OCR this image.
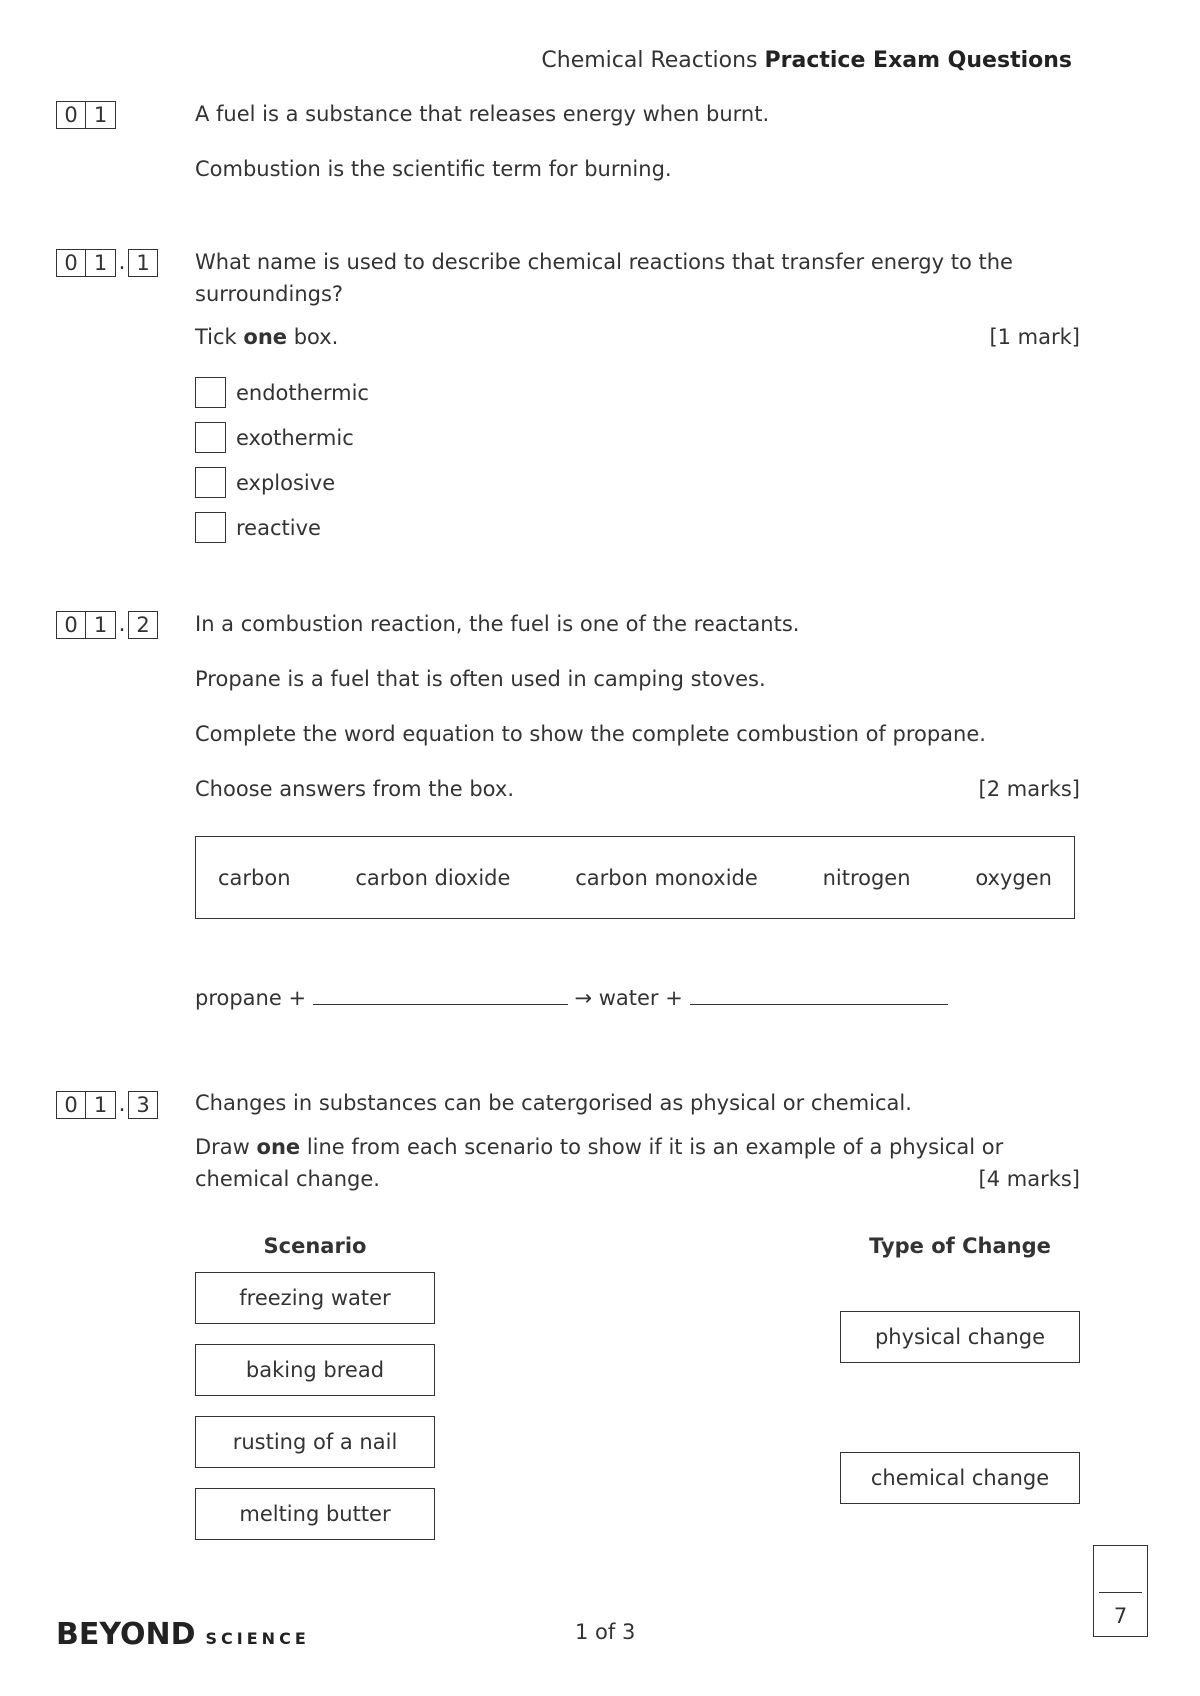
Chemical Reactions Practice Exam Questions
0 1	A fuel is a substance that releases energy when burnt.
Combustion is the scientific term for burning.
0 1 . 1	What name is used to describe chemical reactions that transfer energy to the surroundings?
Tick one box.	[1 mark]
endothermic
exothermic
explosive
reactive
0 1 . 2	In a combustion reaction, the fuel is one of the reactants.
Propane is a fuel that is often used in camping stoves.
Complete the word equation to show the complete combustion of propane.
Choose answers from the box.	[2 marks]
carbon	carbon dioxide	carbon monoxide	nitrogen	oxygen
propane +	→ water +
0 1 . 3	Changes in substances can be catergorised as physical or chemical.
Draw one line from each scenario to show if it is an example of a physical or
chemical change.	[4 marks]
Scenario	Type of Change
freezing water
baking bread
rusting of a nail
melting butter
physical change
chemical change
7
BEYOND SCIENCE	1 of 3
